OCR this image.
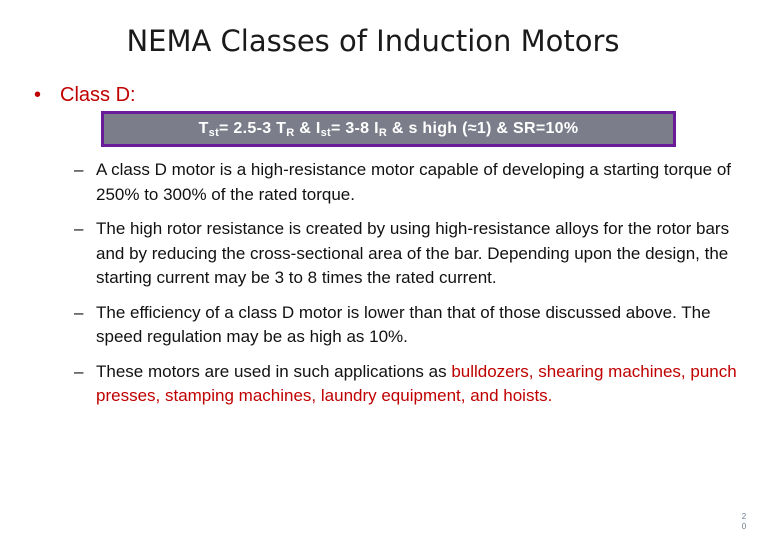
NEMA Classes of Induction Motors
• Class D:
$T_{st}= 2.5-3$ $T_R$ & $I_{st}= 3-8$ $I_R$ & s high (≈1) & SR=10%
– A class D motor is a high-resistance motor capable of developing a starting torque of 250% to 300% of the rated torque.
– The high rotor resistance is created by using high-resistance alloys for the rotor bars and by reducing the cross-sectional area of the bar. Depending upon the design, the starting current may be 3 to 8 times the rated current.
– The efficiency of a class D motor is lower than that of those discussed above. The speed regulation may be as high as 10%.
– These motors are used in such applications as bulldozers, shearing machines, punch presses, stamping machines, laundry equipment, and hoists.
2
0
